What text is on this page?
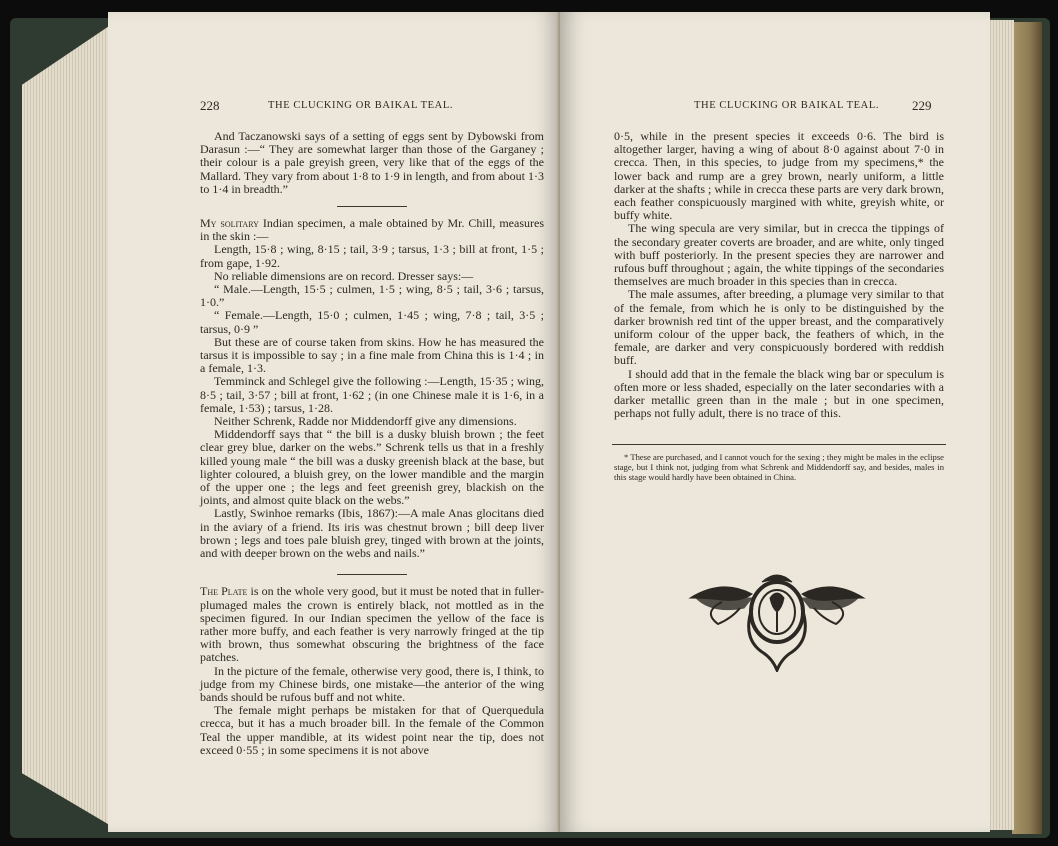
228	THE CLUCKING OR BAIKAL TEAL.

And Taczanowski says of a setting of eggs sent by Dybowski from Darasun :—“ They are somewhat larger than those of the Garganey ; their colour is a pale greyish green, very like that of the eggs of the Mallard. They vary from about 1·8 to 1·9 in length, and from about 1·3 to 1·4 in breadth.”

My solitary Indian specimen, a male obtained by Mr. Chill, measures in the skin :—

Length, 15·8 ; wing, 8·15 ; tail, 3·9 ; tarsus, 1·3 ; bill at front, 1·5 ; from gape, 1·92.

No reliable dimensions are on record. Dresser says:—

“ Male.—Length, 15·5 ; culmen, 1·5 ; wing, 8·5 ; tail, 3·6 ; tarsus, 1·0.”

“ Female.—Length, 15·0 ; culmen, 1·45 ; wing, 7·8 ; tail, 3·5 ; tarsus, 0·9 ”

But these are of course taken from skins. How he has measured the tarsus it is impossible to say ; in a fine male from China this is 1·4 ; in a female, 1·3.

Temminck and Schlegel give the following :—Length, 15·35 ; wing, 8·5 ; tail, 3·57 ; bill at front, 1·62 ; (in one Chinese male it is 1·6, in a female, 1·53) ; tarsus, 1·28.

Neither Schrenk, Radde nor Middendorff give any dimensions.

Middendorff says that “ the bill is a dusky bluish brown ; the feet clear grey blue, darker on the webs.” Schrenk tells us that in a freshly killed young male “ the bill was a dusky greenish black at the base, but lighter coloured, a bluish grey, on the lower mandible and the margin of the upper one ; the legs and feet greenish grey, blackish on the joints, and almost quite black on the webs.”

Lastly, Swinhoe remarks (Ibis, 1867):—A male Anas glocitans died in the aviary of a friend. Its iris was chestnut brown ; bill deep liver brown ; legs and toes pale bluish grey, tinged with brown at the joints, and with deeper brown on the webs and nails.”

The Plate is on the whole very good, but it must be noted that in fuller-plumaged males the crown is entirely black, not mottled as in the specimen figured. In our Indian specimen the yellow of the face is rather more buffy, and each feather is very narrowly fringed at the tip with brown, thus somewhat obscuring the brightness of the face patches.

In the picture of the female, otherwise very good, there is, I think, to judge from my Chinese birds, one mistake—the anterior of the wing bands should be rufous buff and not white.

The female might perhaps be mistaken for that of Querquedula crecca, but it has a much broader bill. In the female of the Common Teal the upper mandible, at its widest point near the tip, does not exceed 0·55 ; in some specimens it is not above

THE CLUCKING OR BAIKAL TEAL.	229

0·5, while in the present species it exceeds 0·6. The bird is altogether larger, having a wing of about 8·0 against about 7·0 in crecca. Then, in this species, to judge from my specimens,* the lower back and rump are a grey brown, nearly uniform, a little darker at the shafts ; while in crecca these parts are very dark brown, each feather conspicuously margined with white, greyish white, or buffy white.

The wing specula are very similar, but in crecca the tippings of the secondary greater coverts are broader, and are white, only tinged with buff posteriorly. In the present species they are narrower and rufous buff throughout ; again, the white tippings of the secondaries themselves are much broader in this species than in crecca.

The male assumes, after breeding, a plumage very similar to that of the female, from which he is only to be distinguished by the darker brownish red tint of the upper breast, and the comparatively uniform colour of the upper back, the feathers of which, in the female, are darker and very conspicuously bordered with reddish buff.

I should add that in the female the black wing bar or speculum is often more or less shaded, especially on the later secondaries with a darker metallic green than in the male ; but in one specimen, perhaps not fully adult, there is no trace of this.

* These are purchased, and I cannot vouch for the sexing ; they might be males in the eclipse stage, but I think not, judging from what Schrenk and Middendorff say, and besides, males in this stage would hardly have been obtained in China.
